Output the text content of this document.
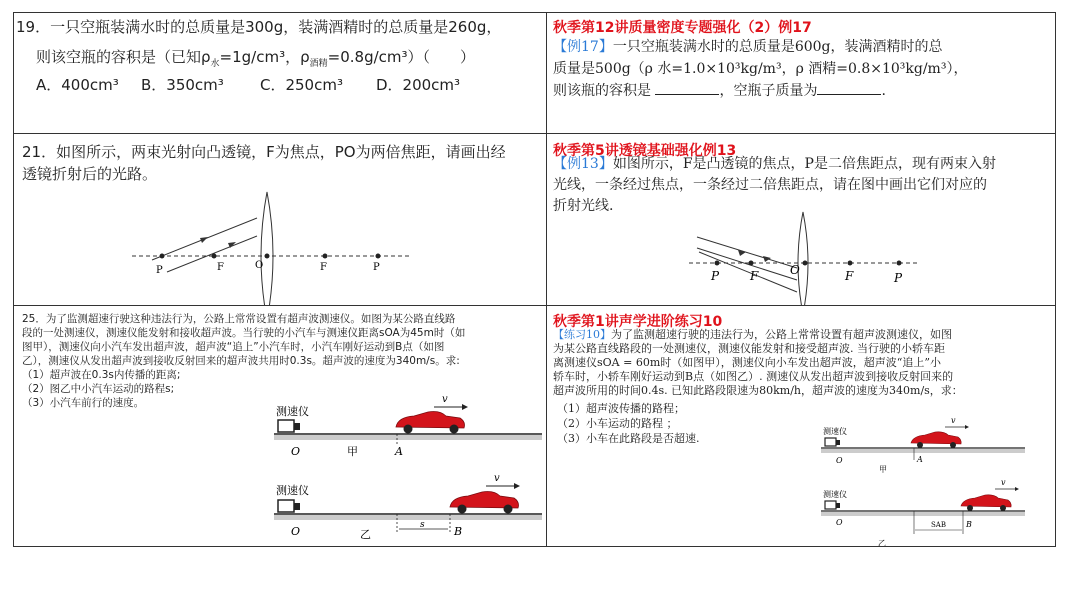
19．一只空瓶装满水时的总质量是300g，装满酒精时的总质量是260g，
则该空瓶的容积是（已知$\rho_水=1g$/cm³，$\rho_{酒精}=0.8g/cm^3$）（　　）
A．400cm³ B．350cm³ C．250cm³ D．200cm³
秋季第12讲质量密度专题强化（2）例17
【例17】一只空瓶装满水时的总质量是600g，装满酒精时的总
质量是500g（ρ 水=1.0×10³kg/m³，ρ 酒精=0.8×10³kg/m³），
则该瓶的容积是	，空瓶子质量为	.
21．如图所示，两束光射向凸透镜，F为焦点，PO为两倍焦距，请画出经
透镜折射后的光路。
P	F	O	F	P
秋季第5讲透镜基础强化例13
【例13】如图所示，F是凸透镜的焦点，P是二倍焦距点，现有两束入射
光线，一条经过焦点，一条经过二倍焦距点，请在图中画出它们对应的
折射光线.
P	F	O	F	P
25．为了监测超速行驶这种违法行为，公路上常常设置有超声波测速仪。如图为某公路直线路
段的一处测速仪，测速仪能发射和接收超声波。当行驶的小汽车与测速仪距离sOA为45m时（如
图甲），测速仪向小汽车发出超声波，超声波“追上”小汽车时，小汽车刚好运动到B点（如图
乙），测速仪从发出超声波到接收反射回来的超声波共用时0.3s。超声波的速度为340m/s。求:
（1）超声波在0.3s内传播的距离;
（2）图乙中小汽车运动的路程s;
（3）小汽车前行的速度。
测速仪
v
O	甲	A
测速仪
v
O	乙
s	B
秋季第1讲声学进阶练习10
【练习10】为了监测超速行驶的违法行为，公路上常常设置有超声波测速仪，如图
为某公路直线路段的一处测速仪，测速仪能发射和接受超声波. 当行驶的小轿车距
离测速仪sOA = 60m时（如图甲），测速仪向小车发出超声波，超声波“追上”小
轿车时，小轿车刚好运动到B点（如图乙）. 测速仪从发出超声波到接收反射回来的
超声波所用的时间0.4s. 已知此路段限速为80km/h，超声波的速度为340m/s，求：
（1）超声波传播的路程；
（2）小车运动的路程 ；
（3）小车在此路段是否超速.
测速仪
v
O
甲
A
测速仪
v
O	SAB	B
乙
